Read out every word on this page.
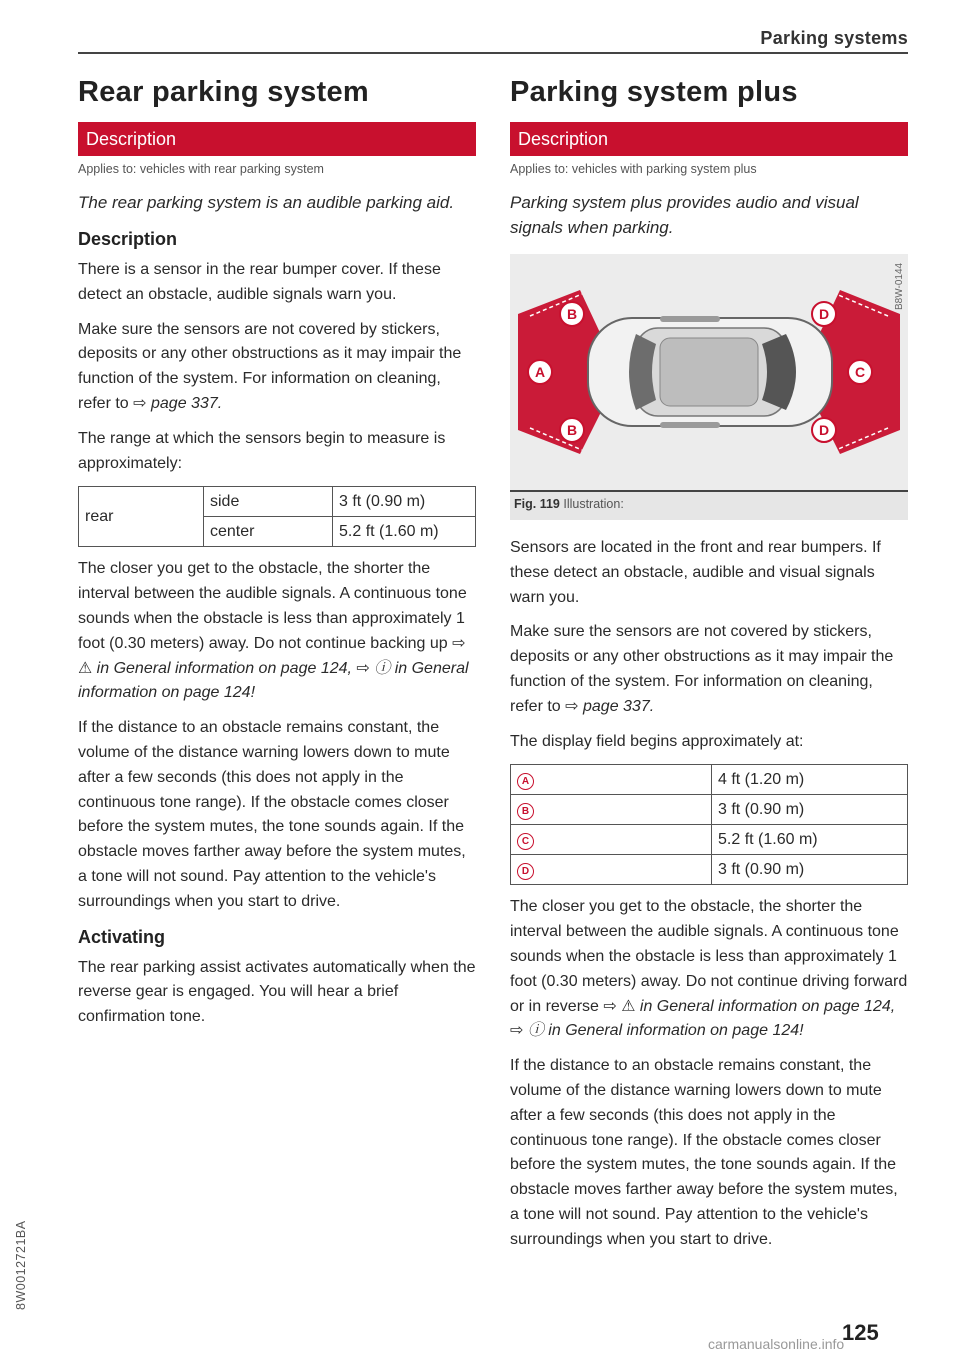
Parking systems
Rear parking system
Description
Applies to: vehicles with rear parking system
The rear parking system is an audible parking aid.
Description

There is a sensor in the rear bumper cover. If these detect an obstacle, audible signals warn you.

Make sure the sensors are not covered by stickers, deposits or any other obstructions as it may impair the function of the system. For information on cleaning, refer to ⇨ page 337.

The range at which the sensors begin to measure is approximately:

rear	side	3 ft (0.90 m)
	center	5.2 ft (1.60 m)

The closer you get to the obstacle, the shorter the interval between the audible signals. A continuous tone sounds when the obstacle is less than approximately 1 foot (0.30 meters) away. Do not continue backing up ⇨ ⚠ in General information on page 124, ⇨ ⓘ in General information on page 124!

If the distance to an obstacle remains constant, the volume of the distance warning lowers down to mute after a few seconds (this does not apply in the continuous tone range). If the obstacle comes closer before the system mutes, the tone sounds again. If the obstacle moves farther away before the system mutes, a tone will not sound. Pay attention to the vehicle's surroundings when you start to drive.

Activating

The rear parking assist activates automatically when the reverse gear is engaged. You will hear a brief confirmation tone.

Parking system plus
Description
Applies to: vehicles with parking system plus
Parking system plus provides audio and visual signals when parking.
B
A
B
D
C
D
B8W-0144
Fig. 119 Illustration:

Sensors are located in the front and rear bumpers. If these detect an obstacle, audible and visual signals warn you.

Make sure the sensors are not covered by stickers, deposits or any other obstructions as it may impair the function of the system. For information on cleaning, refer to ⇨ page 337.

The display field begins approximately at:

A	4 ft (1.20 m)
B	3 ft (0.90 m)
C	5.2 ft (1.60 m)
D	3 ft (0.90 m)

The closer you get to the obstacle, the shorter the interval between the audible signals. A continuous tone sounds when the obstacle is less than approximately 1 foot (0.30 meters) away. Do not continue driving forward or in reverse ⇨ ⚠ in General information on page 124, ⇨ ⓘ in General information on page 124!

If the distance to an obstacle remains constant, the volume of the distance warning lowers down to mute after a few seconds (this does not apply in the continuous tone range). If the obstacle comes closer before the system mutes, the tone sounds again. If the obstacle moves farther away before the system mutes, a tone will not sound. Pay attention to the vehicle's surroundings when you start to drive.

8W0012721BA
125
carmanualsonline.info
